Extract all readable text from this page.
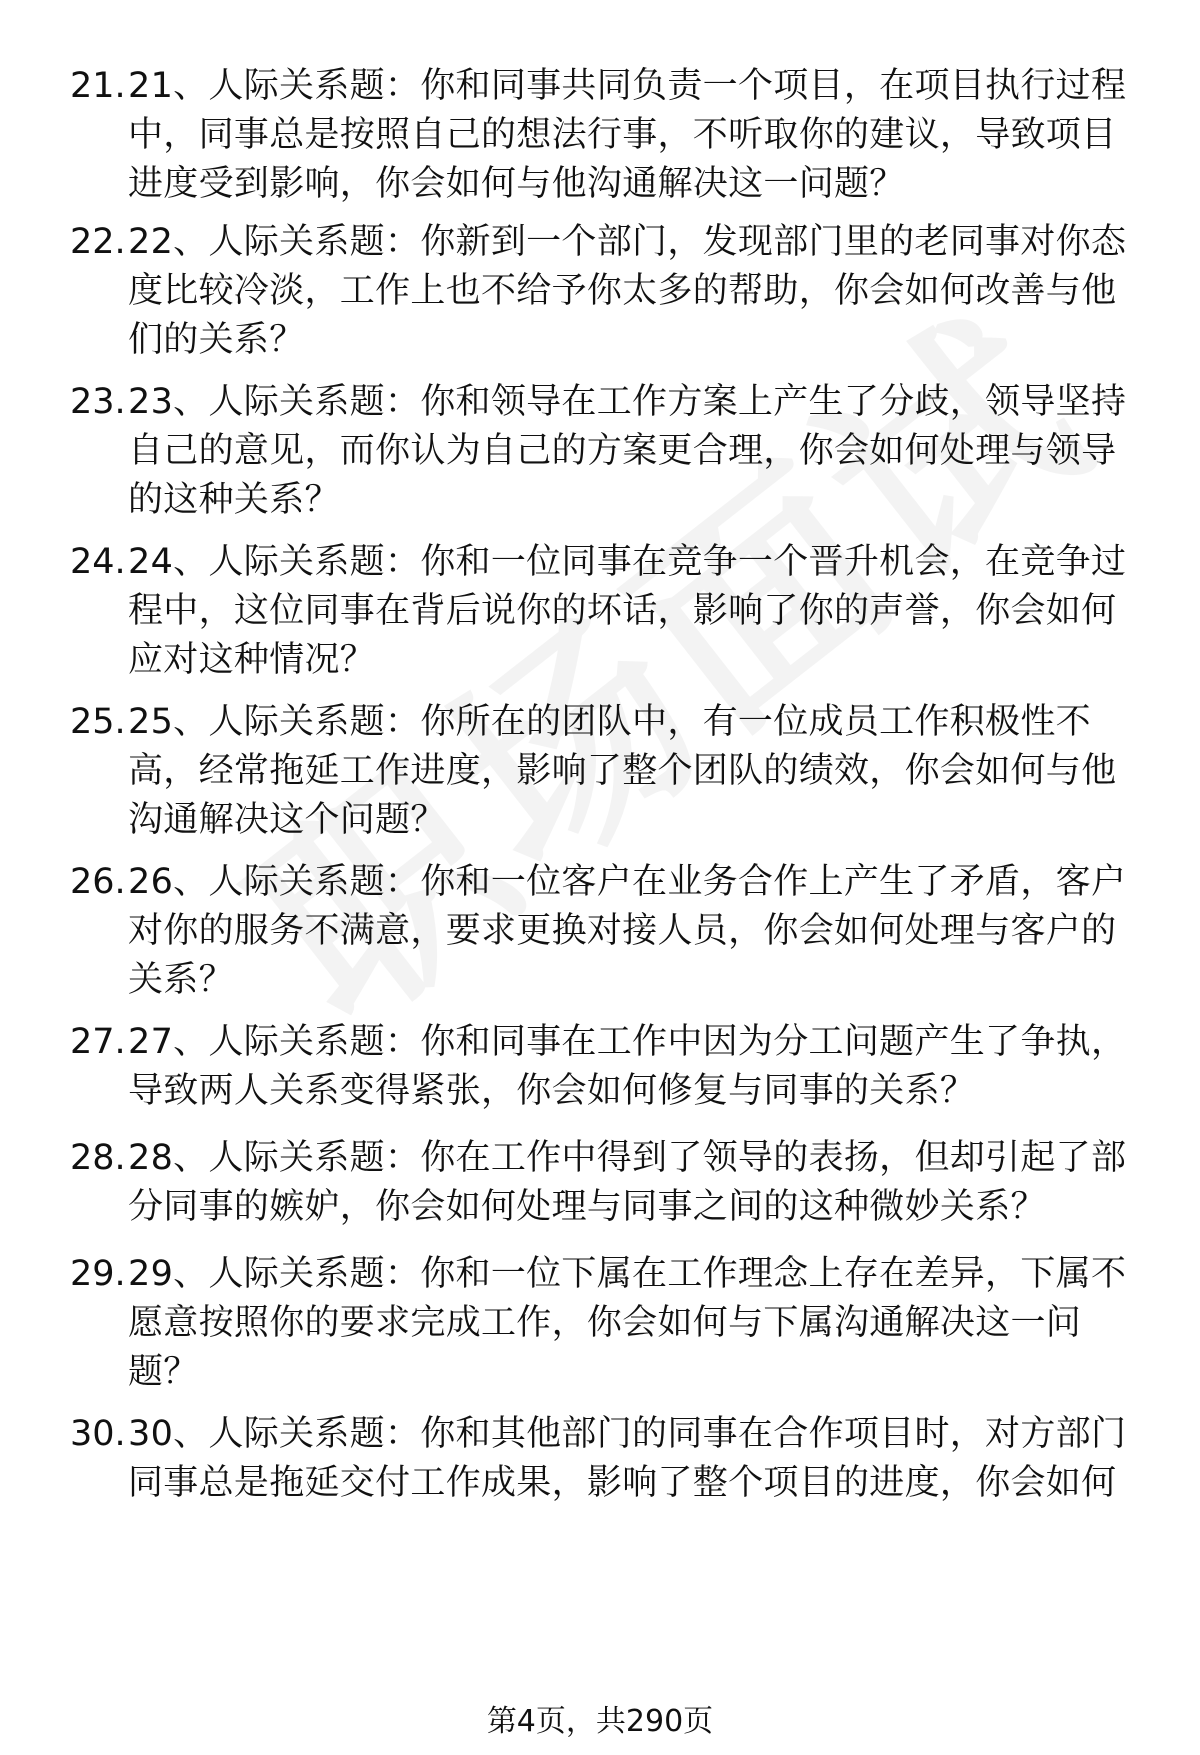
21. 21、人际关系题：你和同事共同负责一个项目，在项目执行过程中，同事总是按照自己的想法行事，不听取你的建议，导致项目进度受到影响，你会如何与他沟通解决这一问题？
22. 22、人际关系题：你新到一个部门，发现部门里的老同事对你态度比较冷淡，工作上也不给予你太多的帮助，你会如何改善与他们的关系？
23. 23、人际关系题：你和领导在工作方案上产生了分歧，领导坚持自己的意见，而你认为自己的方案更合理，你会如何处理与领导的这种关系？
24. 24、人际关系题：你和一位同事在竞争一个晋升机会，在竞争过程中，这位同事在背后说你的坏话，影响了你的声誉，你会如何应对这种情况？
25. 25、人际关系题：你所在的团队中，有一位成员工作积极性不高，经常拖延工作进度，影响了整个团队的绩效，你会如何与他沟通解决这个问题？
26. 26、人际关系题：你和一位客户在业务合作上产生了矛盾，客户对你的服务不满意，要求更换对接人员，你会如何处理与客户的关系？
27. 27、人际关系题：你和同事在工作中因为分工问题产生了争执，导致两人关系变得紧张，你会如何修复与同事的关系？
28. 28、人际关系题：你在工作中得到了领导的表扬，但却引起了部分同事的嫉妒，你会如何处理与同事之间的这种微妙关系？
29. 29、人际关系题：你和一位下属在工作理念上存在差异，下属不愿意按照你的要求完成工作，你会如何与下属沟通解决这一问题？
30. 30、人际关系题：你和其他部门的同事在合作项目时，对方部门同事总是拖延交付工作成果，影响了整个项目的进度，你会如何
第4页，共290页
